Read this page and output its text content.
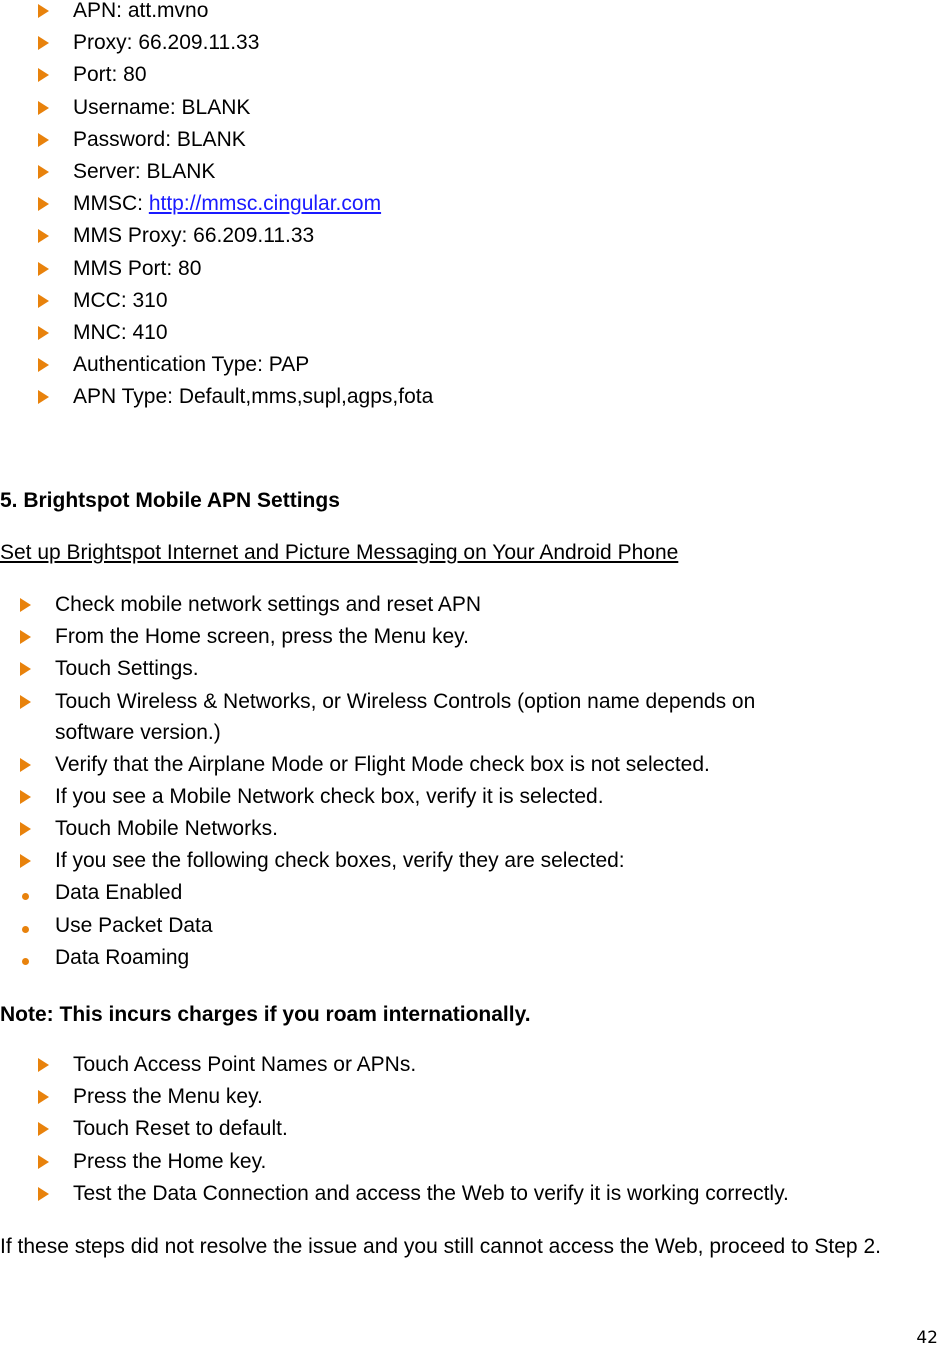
APN: att.mvno
Proxy: 66.209.11.33
Port: 80
Username: BLANK
Password: BLANK
Server: BLANK
MMSC: http://mmsc.cingular.com
MMS Proxy: 66.209.11.33
MMS Port: 80
MCC: 310
MNC: 410
Authentication Type: PAP
APN Type: Default,mms,supl,agps,fota
5. Brightspot Mobile APN Settings

Set up Brightspot Internet and Picture Messaging on Your Android Phone

Check mobile network settings and reset APN
From the Home screen, press the Menu key.
Touch Settings.
Touch Wireless & Networks, or Wireless Controls (option name depends on
software version.)
Verify that the Airplane Mode or Flight Mode check box is not selected.
If you see a Mobile Network check box, verify it is selected.
Touch Mobile Networks.
If you see the following check boxes, verify they are selected:
Data Enabled
Use Packet Data
Data Roaming

Note: This incurs charges if you roam internationally.

Touch Access Point Names or APNs.
Press the Menu key.
Touch Reset to default.
Press the Home key.
Test the Data Connection and access the Web to verify it is working correctly.

If these steps did not resolve the issue and you still cannot access the Web, proceed to Step 2.

42
